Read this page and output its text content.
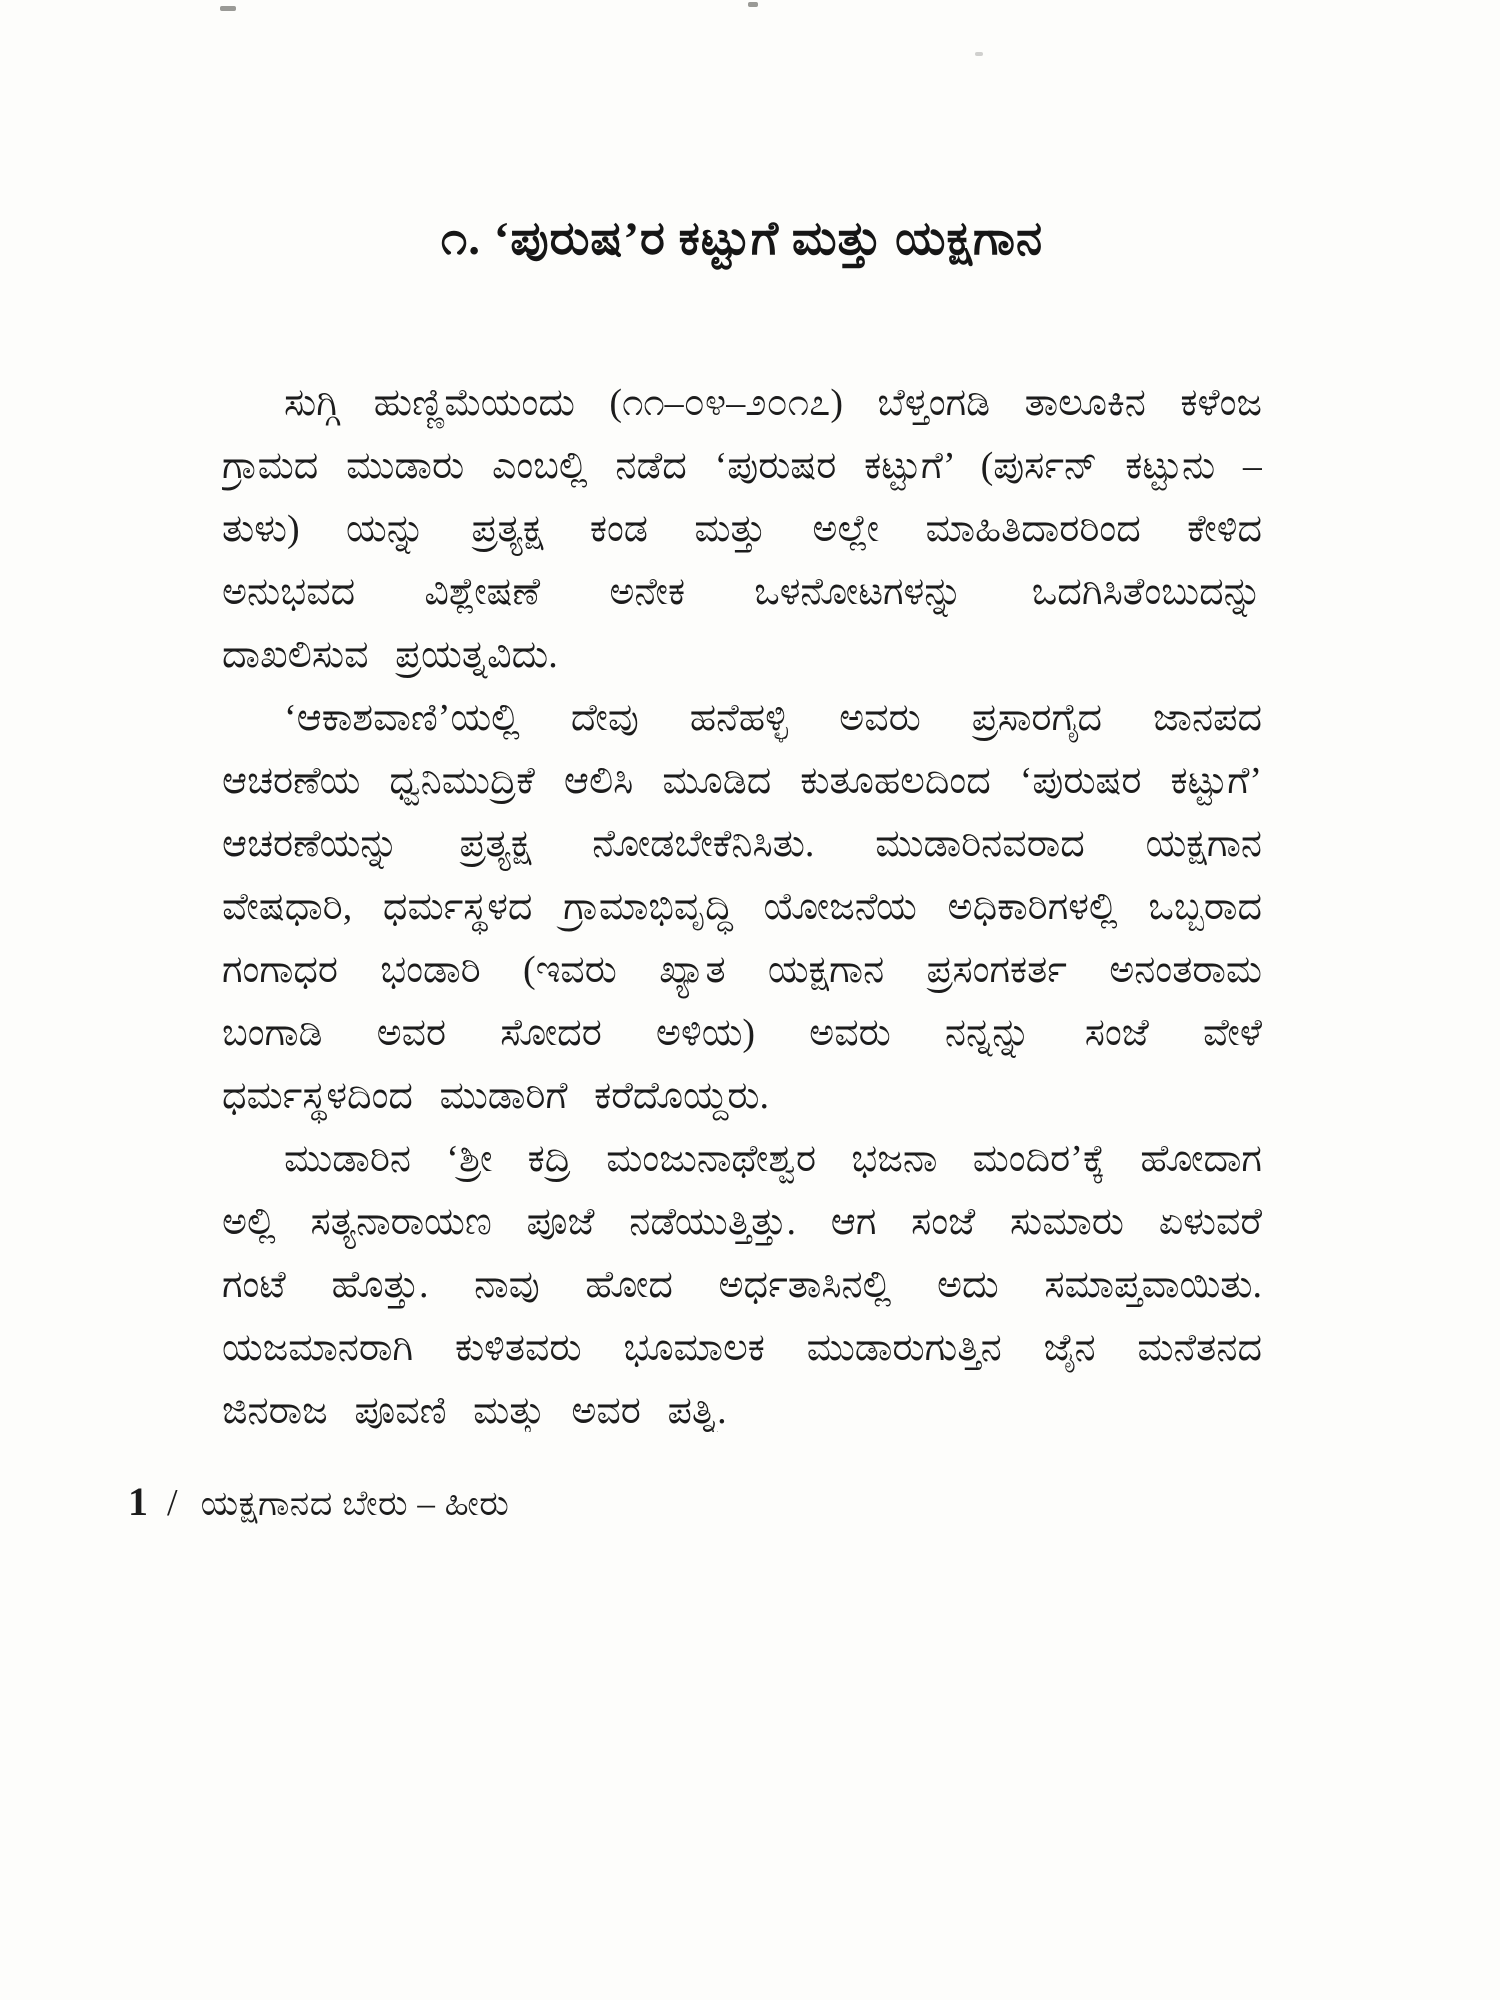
೧. ‘ಪುರುಷ’ರ ಕಟ್ಟುಗೆ ಮತ್ತು ಯಕ್ಷಗಾನ

ಸುಗ್ಗಿ ಹುಣ್ಣಿಮೆಯಂದು (೧೧–೦೪–೨೦೧೭) ಬೆಳ್ತಂಗಡಿ ತಾಲೂಕಿನ ಕಳೆಂಜ ಗ್ರಾಮದ ಮುಡಾರು ಎಂಬಲ್ಲಿ ನಡೆದ ‘ಪುರುಷರ ಕಟ್ಟುಗೆ’ (ಪುರ್ಸನ್ ಕಟ್ಟುನು – ತುಳು) ಯನ್ನು ಪ್ರತ್ಯಕ್ಷ ಕಂಡ ಮತ್ತು ಅಲ್ಲೇ ಮಾಹಿತಿದಾರರಿಂದ ಕೇಳಿದ ಅನುಭವದ ವಿಶ್ಲೇಷಣೆ ಅನೇಕ ಒಳನೋಟಗಳನ್ನು ಒದಗಿಸಿತೆಂಬುದನ್ನು ದಾಖಲಿಸುವ ಪ್ರಯತ್ನವಿದು.

‘ಆಕಾಶವಾಣಿ’ಯಲ್ಲಿ ದೇವು ಹನೆಹಳ್ಳಿ ಅವರು ಪ್ರಸಾರಗೈದ ಜಾನಪದ ಆಚರಣೆಯ ಧ್ವನಿಮುದ್ರಿಕೆ ಆಲಿಸಿ ಮೂಡಿದ ಕುತೂಹಲದಿಂದ ‘ಪುರುಷರ ಕಟ್ಟುಗೆ’ ಆಚರಣೆಯನ್ನು ಪ್ರತ್ಯಕ್ಷ ನೋಡಬೇಕೆನಿಸಿತು. ಮುಡಾರಿನವರಾದ ಯಕ್ಷಗಾನ ವೇಷಧಾರಿ, ಧರ್ಮಸ್ಥಳದ ಗ್ರಾಮಾಭಿವೃದ್ಧಿ ಯೋಜನೆಯ ಅಧಿಕಾರಿಗಳಲ್ಲಿ ಒಬ್ಬರಾದ ಗಂಗಾಧರ ಭಂಡಾರಿ (ಇವರು ಖ್ಯಾತ ಯಕ್ಷಗಾನ ಪ್ರಸಂಗಕರ್ತ ಅನಂತರಾಮ ಬಂಗಾಡಿ ಅವರ ಸೋದರ ಅಳಿಯ) ಅವರು ನನ್ನನ್ನು ಸಂಜೆ ವೇಳೆ ಧರ್ಮಸ್ಥಳದಿಂದ ಮುಡಾರಿಗೆ ಕರೆದೊಯ್ದರು.

ಮುಡಾರಿನ ‘ಶ್ರೀ ಕದ್ರಿ ಮಂಜುನಾಥೇಶ್ವರ ಭಜನಾ ಮಂದಿರ’ಕ್ಕೆ ಹೋದಾಗ ಅಲ್ಲಿ ಸತ್ಯನಾರಾಯಣ ಪೂಜೆ ನಡೆಯುತ್ತಿತ್ತು. ಆಗ ಸಂಜೆ ಸುಮಾರು ಏಳುವರೆ ಗಂಟೆ ಹೊತ್ತು. ನಾವು ಹೋದ ಅರ್ಧತಾಸಿನಲ್ಲಿ ಅದು ಸಮಾಪ್ತವಾಯಿತು. ಯಜಮಾನರಾಗಿ ಕುಳಿತವರು ಭೂಮಾಲಕ ಮುಡಾರುಗುತ್ತಿನ ಜೈನ ಮನೆತನದ ಜಿನರಾಜ ಪೂವಣಿ ಮತ್ತು ಅವರ ಪತ್ನಿ.

1 / ಯಕ್ಷಗಾನದ ಬೇರು – ಹೀರು
